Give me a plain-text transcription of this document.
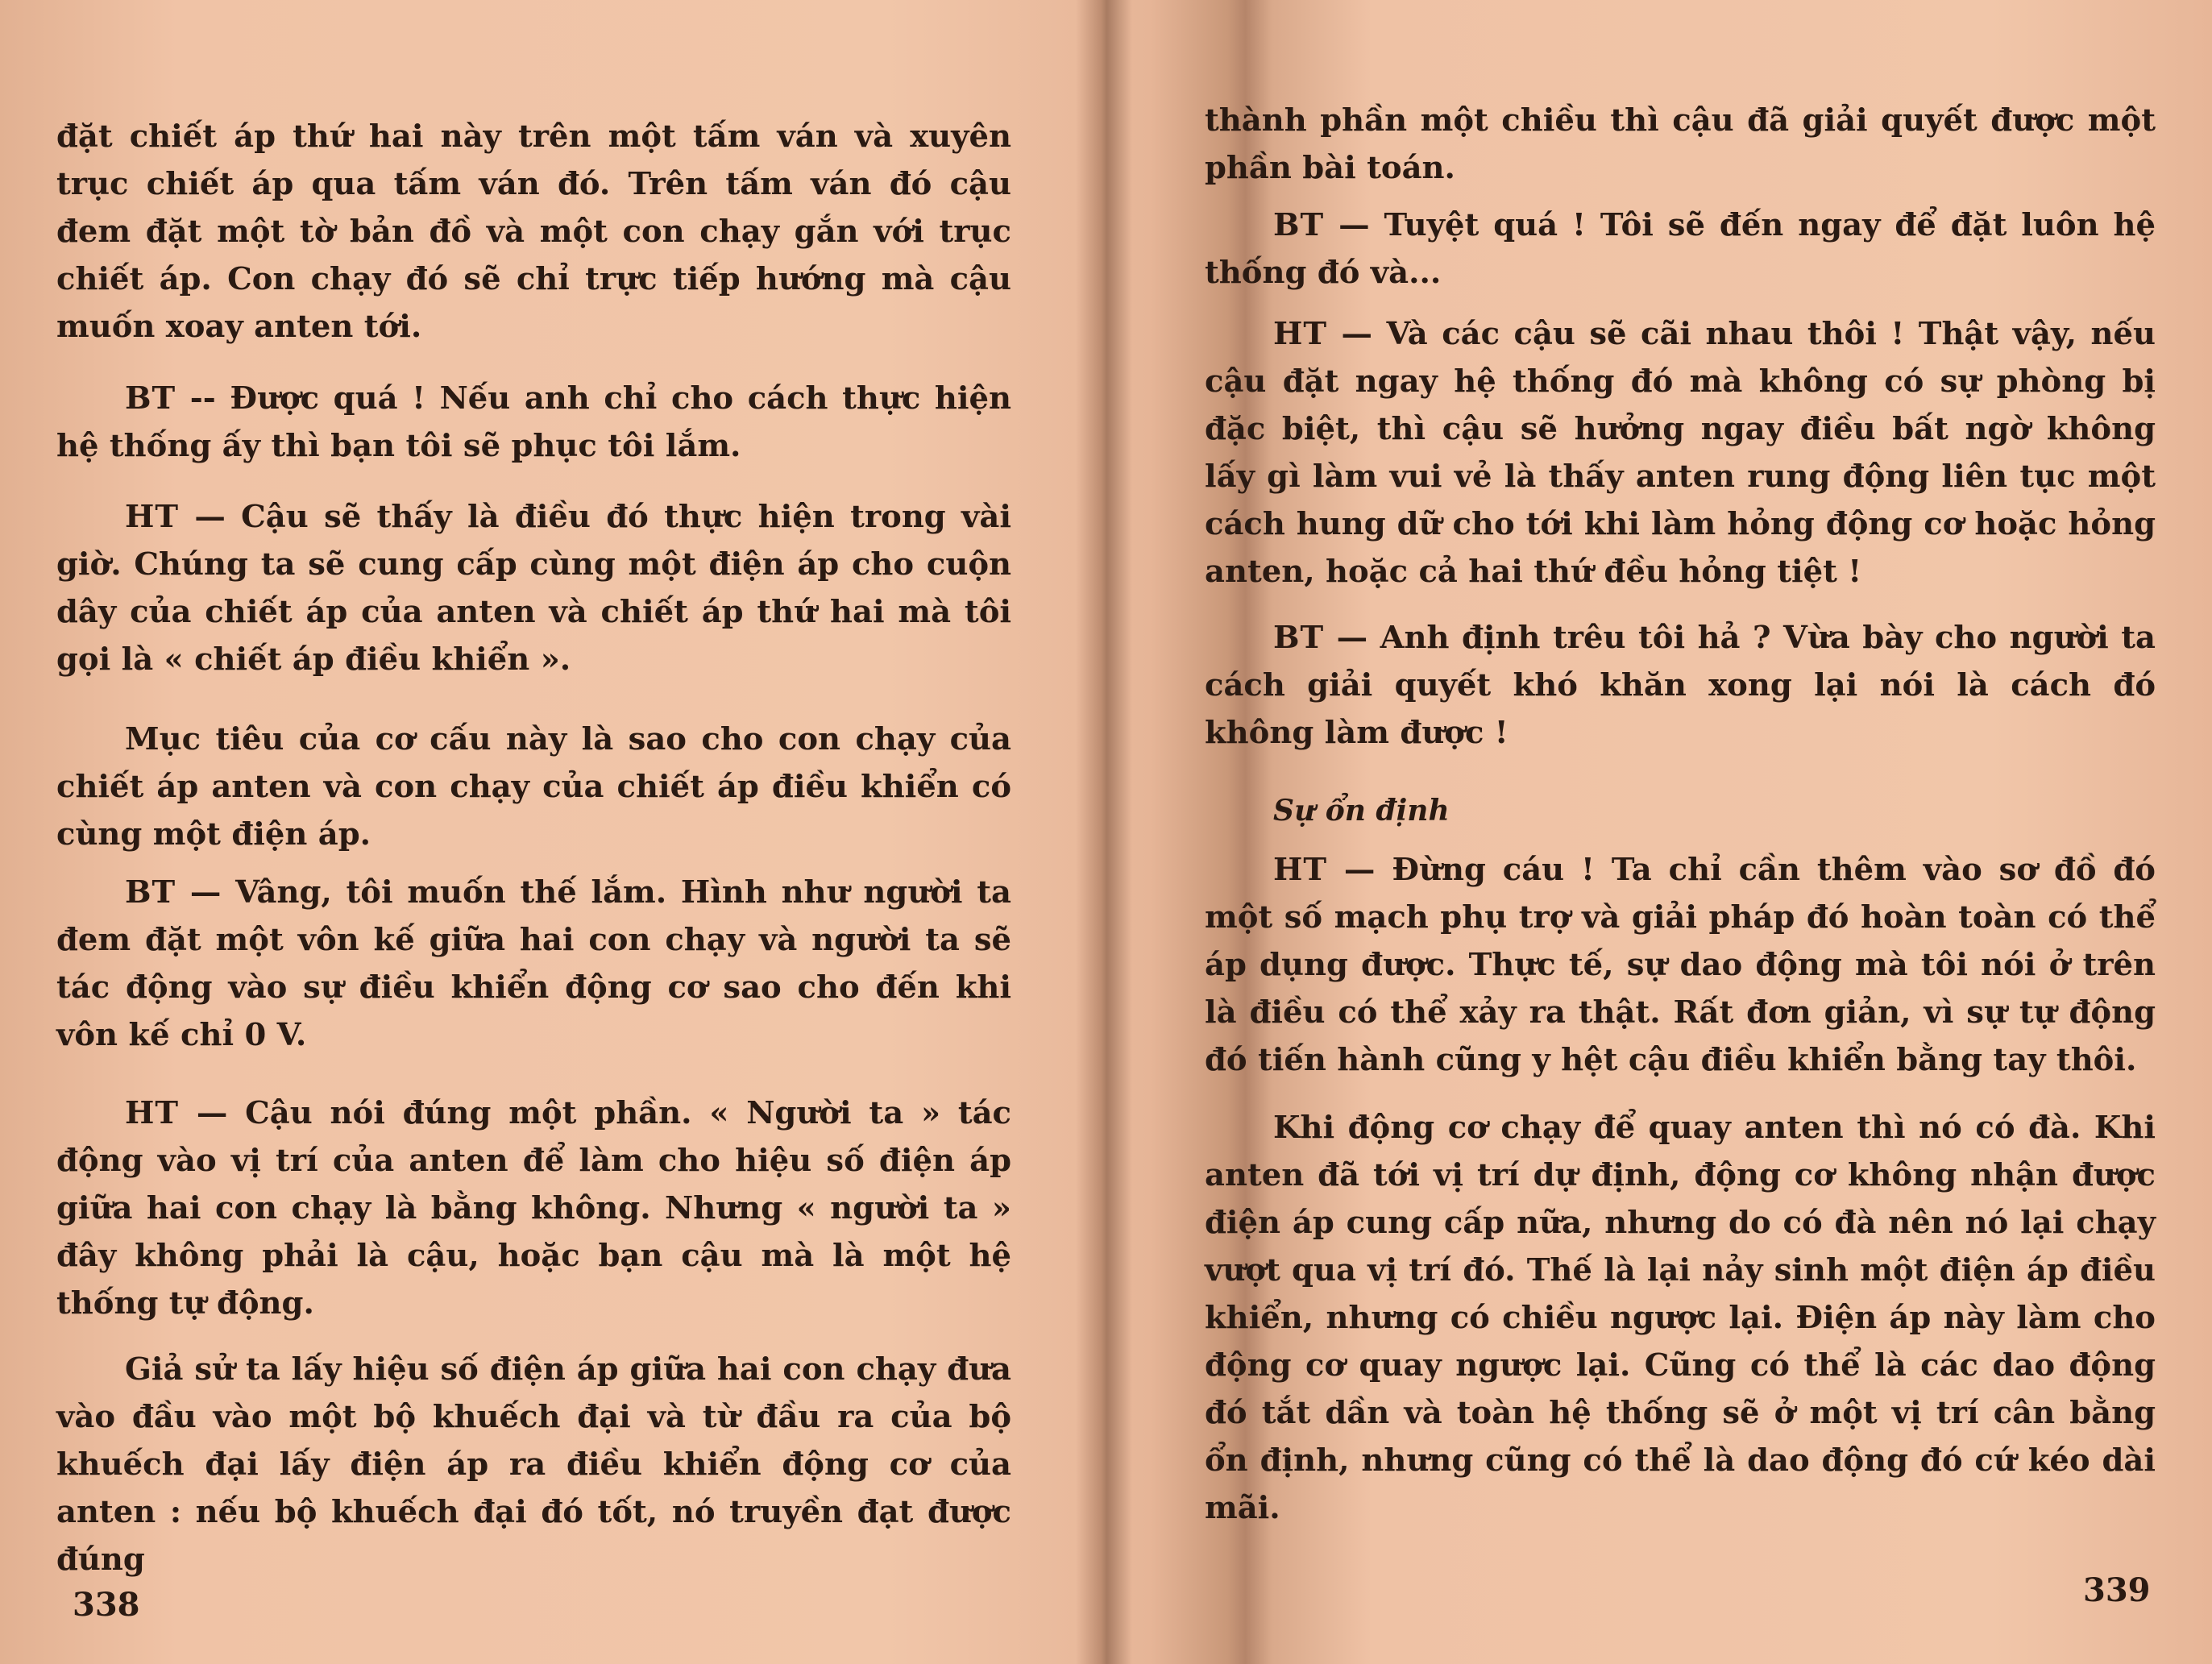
đặt chiết áp thứ hai này trên một tấm ván và xuyên trục chiết áp qua tấm ván đó. Trên tấm ván đó cậu đem đặt một tờ bản đồ và một con chạy gắn với trục chiết áp. Con chạy đó sẽ chỉ trực tiếp hướng mà cậu muốn xoay anten tới.

BT -- Được quá ! Nếu anh chỉ cho cách thực hiện hệ thống ấy thì bạn tôi sẽ phục tôi lắm.

HT — Cậu sẽ thấy là điều đó thực hiện trong vài giờ. Chúng ta sẽ cung cấp cùng một điện áp cho cuộn dây của chiết áp của anten và chiết áp thứ hai mà tôi gọi là « chiết áp điều khiển ».

Mục tiêu của cơ cấu này là sao cho con chạy của chiết áp anten và con chạy của chiết áp điều khiển có cùng một điện áp.

BT — Vâng, tôi muốn thế lắm. Hình như người ta đem đặt một vôn kế giữa hai con chạy và người ta sẽ tác động vào sự điều khiển động cơ sao cho đến khi vôn kế chỉ 0 V.

HT — Cậu nói đúng một phần. « Người ta » tác động vào vị trí của anten để làm cho hiệu số điện áp giữa hai con chạy là bằng không. Nhưng « người ta » đây không phải là cậu, hoặc bạn cậu mà là một hệ thống tự động.

Giả sử ta lấy hiệu số điện áp giữa hai con chạy đưa vào đầu vào một bộ khuếch đại và từ đầu ra của bộ khuếch đại lấy điện áp ra điều khiển động cơ của anten : nếu bộ khuếch đại đó tốt, nó truyền đạt được đúng

338

thành phần một chiều thì cậu đã giải quyết được một phần bài toán.

BT — Tuyệt quá ! Tôi sẽ đến ngay để đặt luôn hệ thống đó và...

HT — Và các cậu sẽ cãi nhau thôi ! Thật vậy, nếu cậu đặt ngay hệ thống đó mà không có sự phòng bị đặc biệt, thì cậu sẽ hưởng ngay điều bất ngờ không lấy gì làm vui vẻ là thấy anten rung động liên tục một cách hung dữ cho tới khi làm hỏng động cơ hoặc hỏng anten, hoặc cả hai thứ đều hỏng tiệt !

BT — Anh định trêu tôi hả ? Vừa bày cho người ta cách giải quyết khó khăn xong lại nói là cách đó không làm được !

Sự ổn định

HT — Đừng cáu ! Ta chỉ cần thêm vào sơ đồ đó một số mạch phụ trợ và giải pháp đó hoàn toàn có thể áp dụng được. Thực tế, sự dao động mà tôi nói ở trên là điều có thể xảy ra thật. Rất đơn giản, vì sự tự động đó tiến hành cũng y hệt cậu điều khiển bằng tay thôi.

Khi động cơ chạy để quay anten thì nó có đà. Khi anten đã tới vị trí dự định, động cơ không nhận được điện áp cung cấp nữa, nhưng do có đà nên nó lại chạy vượt qua vị trí đó. Thế là lại nảy sinh một điện áp điều khiển, nhưng có chiều ngược lại. Điện áp này làm cho động cơ quay ngược lại. Cũng có thể là các dao động đó tắt dần và toàn hệ thống sẽ ở một vị trí cân bằng ổn định, nhưng cũng có thể là dao động đó cứ kéo dài mãi.

339
